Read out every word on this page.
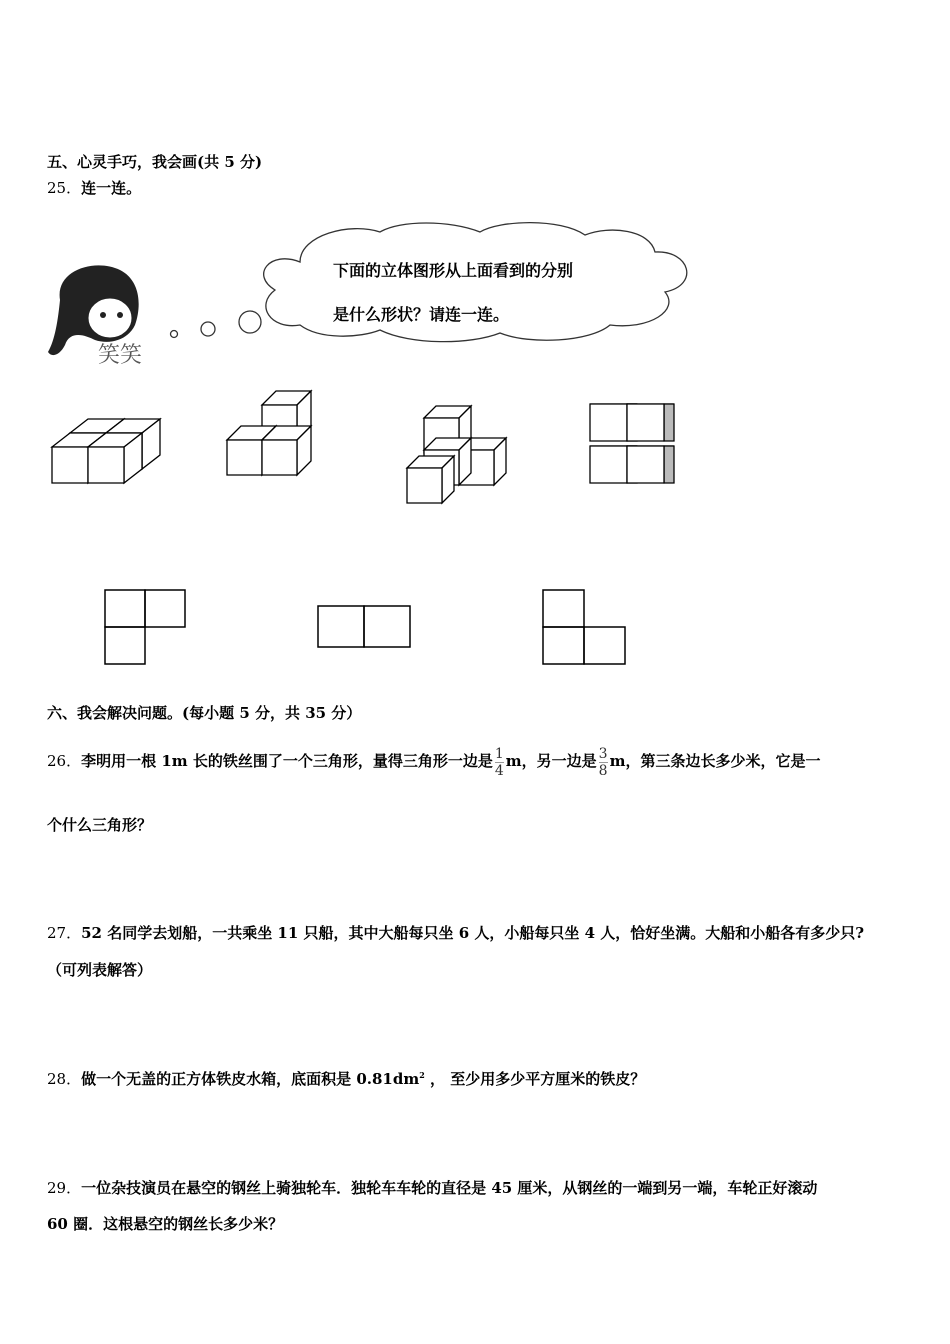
五、心灵手巧，我会画(共 5 分)
25．连一连。
笑笑
下面的立体图形从上面看到的分别
是什么形状？请连一连。
六、我会解决问题。(每小题 5 分，共 35 分）
26．李明用一根 1m 长的铁丝围了一个三角形，量得三角形一边是 $\frac{1}{4}$ m，另一边是 $\frac{3}{8}$ m，第三条边长多少米，它是一
个什么三角形？
27．52 名同学去划船，一共乘坐 11 只船，其中大船每只坐 6 人，小船每只坐 4 人，恰好坐满。大船和小船各有多少只?
（可列表解答）
28．做一个无盖的正方体铁皮水箱，底面积是 $0.81dm^2$ ， 至少用多少平方厘米的铁皮？
29．一位杂技演员在悬空的钢丝上骑独轮车．独轮车车轮的直径是 45 厘米，从钢丝的一端到另一端，车轮正好滚动
60 圈．这根悬空的钢丝长多少米？
